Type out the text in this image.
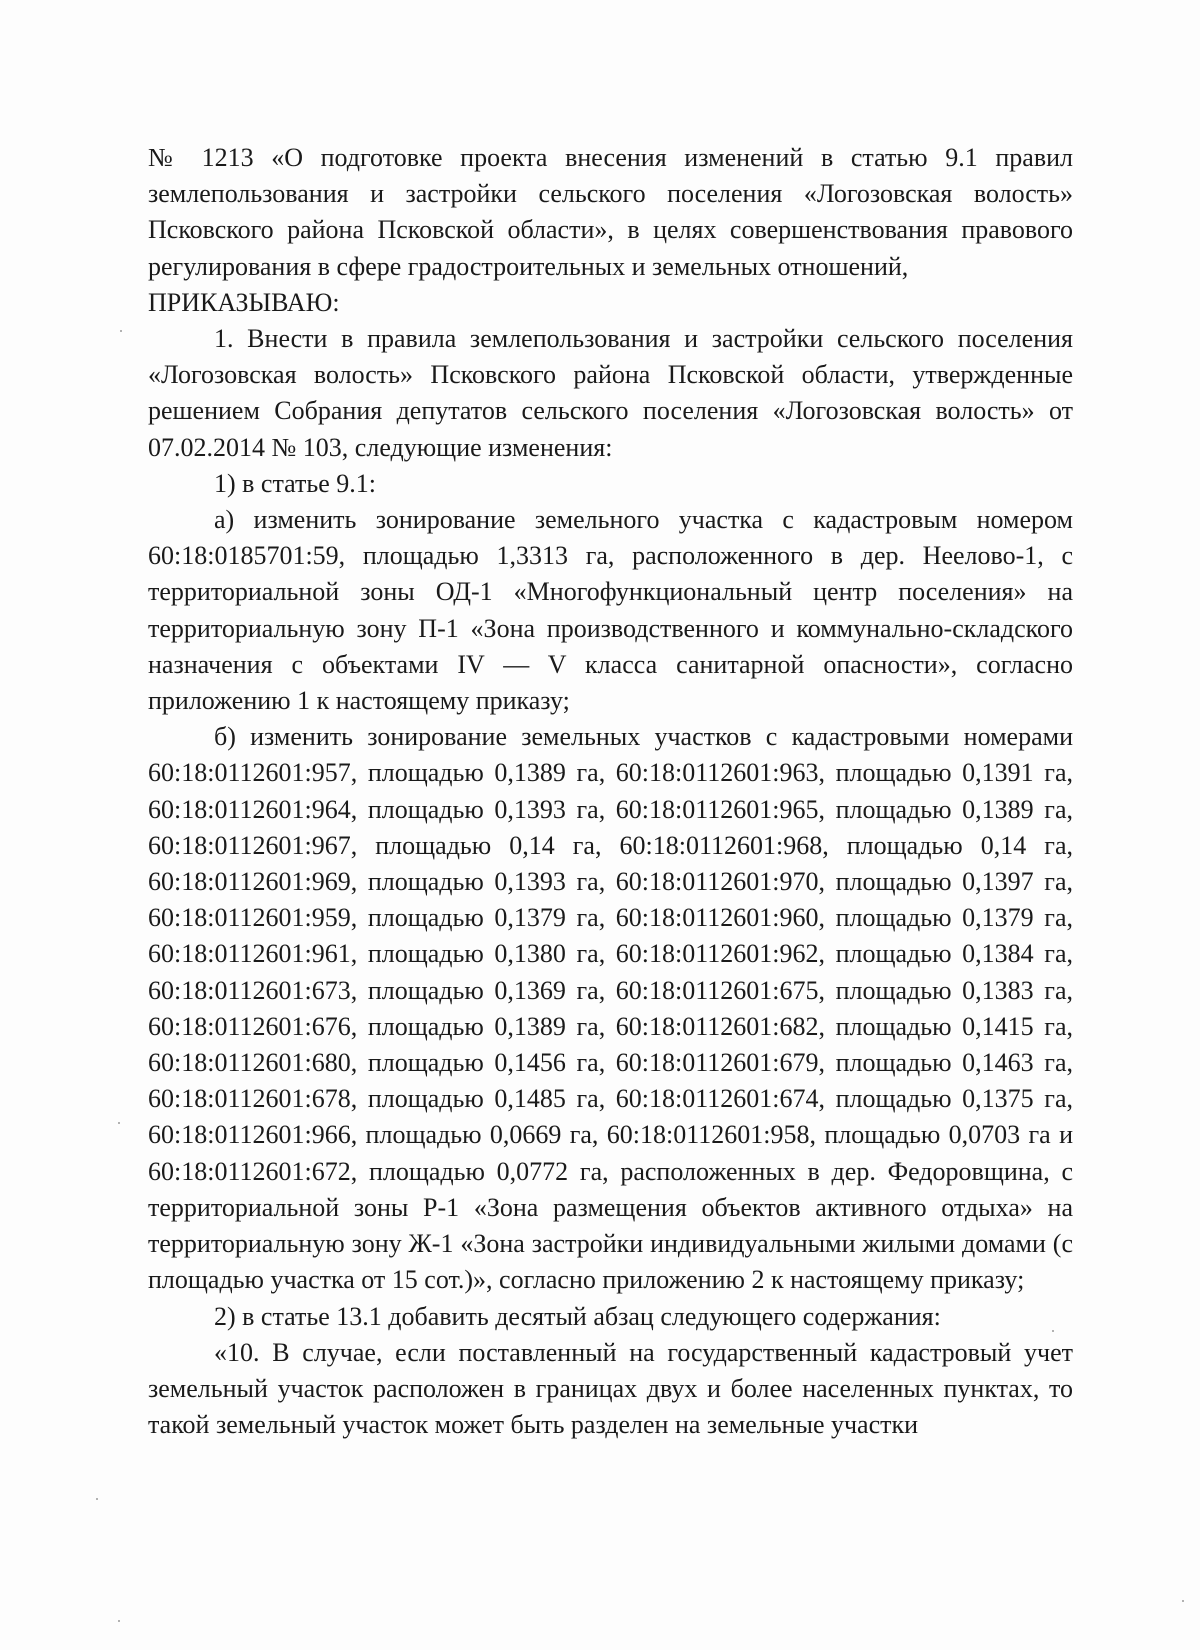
№ 1213 «О подготовке проекта внесения изменений в статью 9.1 правил землепользования и застройки сельского поселения «Логозовская волость» Псковского района Псковской области», в целях совершенствования правового регулирования в сфере градостроительных и земельных отношений,

ПРИКАЗЫВАЮ:

1. Внести в правила землепользования и застройки сельского поселения «Логозовская волость» Псковского района Псковской области, утвержденные решением Собрания депутатов сельского поселения «Логозовская волость» от 07.02.2014 № 103, следующие изменения:

1) в статье 9.1:

а) изменить зонирование земельного участка с кадастровым номером 60:18:0185701:59, площадью 1,3313 га, расположенного в дер. Неелово-1, с территориальной зоны ОД-1 «Многофункциональный центр поселения» на территориальную зону П-1 «Зона производственного и коммунально-складского назначения с объектами IV — V класса санитарной опасности», согласно приложению 1 к настоящему приказу;

б) изменить зонирование земельных участков с кадастровыми номерами 60:18:0112601:957, площадью 0,1389 га, 60:18:0112601:963, площадью 0,1391 га, 60:18:0112601:964, площадью 0,1393 га, 60:18:0112601:965, площадью 0,1389 га, 60:18:0112601:967, площадью 0,14 га, 60:18:0112601:968, площадью 0,14 га, 60:18:0112601:969, площадью 0,1393 га, 60:18:0112601:970, площадью 0,1397 га, 60:18:0112601:959, площадью 0,1379 га, 60:18:0112601:960, площадью 0,1379 га, 60:18:0112601:961, площадью 0,1380 га, 60:18:0112601:962, площадью 0,1384 га, 60:18:0112601:673, площадью 0,1369 га, 60:18:0112601:675, площадью 0,1383 га, 60:18:0112601:676, площадью 0,1389 га, 60:18:0112601:682, площадью 0,1415 га, 60:18:0112601:680, площадью 0,1456 га, 60:18:0112601:679, площадью 0,1463 га, 60:18:0112601:678, площадью 0,1485 га, 60:18:0112601:674, площадью 0,1375 га, 60:18:0112601:966, площадью 0,0669 га, 60:18:0112601:958, площадью 0,0703 га и 60:18:0112601:672, площадью 0,0772 га, расположенных в дер. Федоровщина, с территориальной зоны Р-1 «Зона размещения объектов активного отдыха» на территориальную зону Ж-1 «Зона застройки индивидуальными жилыми домами (с площадью участка от 15 сот.)», согласно приложению 2 к настоящему приказу;

2) в статье 13.1 добавить десятый абзац следующего содержания:

«10. В случае, если поставленный на государственный кадастровый учет земельный участок расположен в границах двух и более населенных пунктах, то такой земельный участок может быть разделен на земельные участки
